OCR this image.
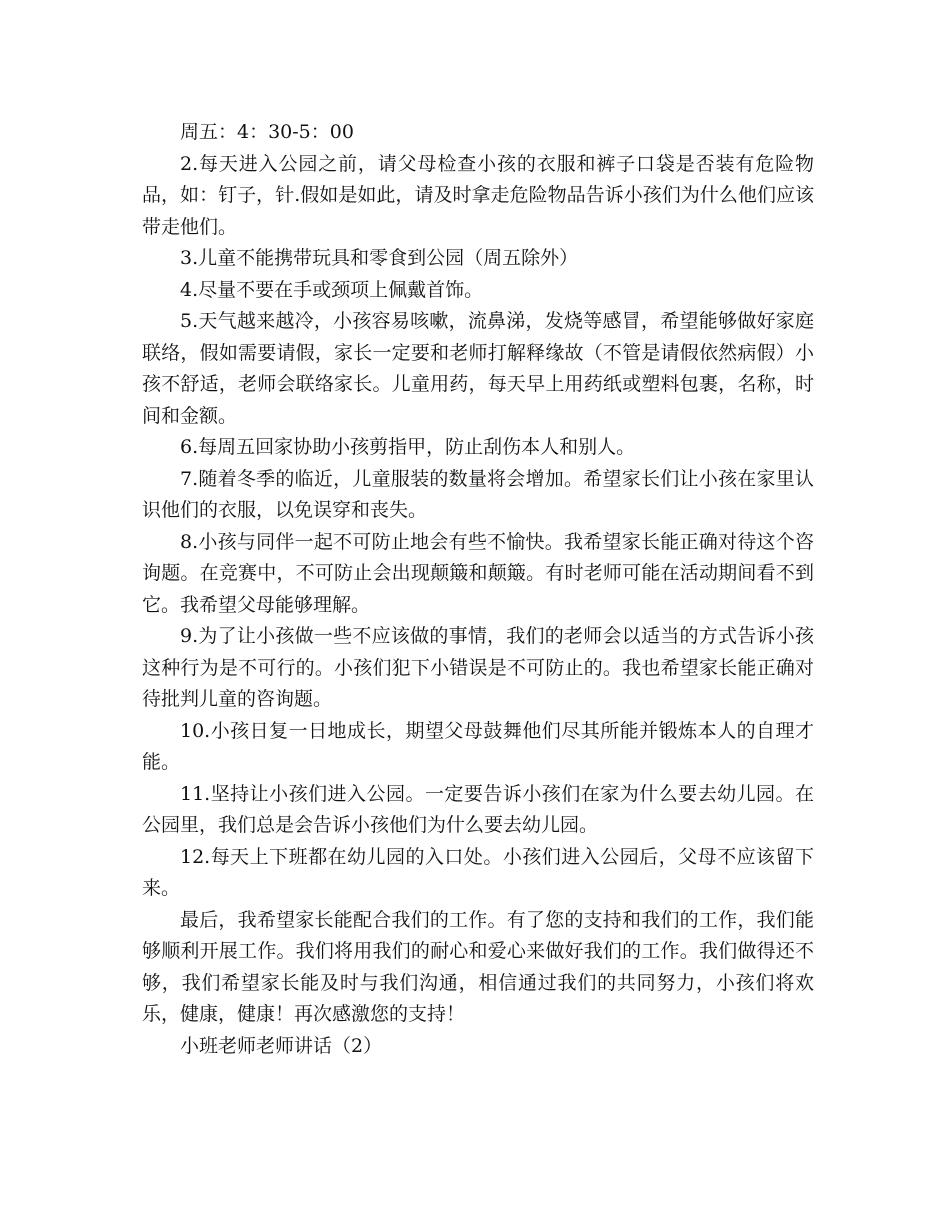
周五：4：30-5：00

2.每天进入公园之前，请父母检查小孩的衣服和裤子口袋是否装有危险物品，如：钉子，针.假如是如此，请及时拿走危险物品告诉小孩们为什么他们应该带走他们。

3.儿童不能携带玩具和零食到公园（周五除外）

4.尽量不要在手或颈项上佩戴首饰。

5.天气越来越冷，小孩容易咳嗽，流鼻涕，发烧等感冒，希望能够做好家庭联络，假如需要请假，家长一定要和老师打解释缘故（不管是请假依然病假）小孩不舒适，老师会联络家长。儿童用药，每天早上用药纸或塑料包裹，名称，时间和金额。

6.每周五回家协助小孩剪指甲，防止刮伤本人和别人。

7.随着冬季的临近，儿童服装的数量将会增加。希望家长们让小孩在家里认识他们的衣服，以免误穿和丧失。

8.小孩与同伴一起不可防止地会有些不愉快。我希望家长能正确对待这个咨询题。在竞赛中，不可防止会出现颠簸和颠簸。有时老师可能在活动期间看不到它。我希望父母能够理解。

9.为了让小孩做一些不应该做的事情，我们的老师会以适当的方式告诉小孩这种行为是不可行的。小孩们犯下小错误是不可防止的。我也希望家长能正确对待批判儿童的咨询题。

10.小孩日复一日地成长，期望父母鼓舞他们尽其所能并锻炼本人的自理才能。

11.坚持让小孩们进入公园。一定要告诉小孩们在家为什么要去幼儿园。在公园里，我们总是会告诉小孩他们为什么要去幼儿园。

12.每天上下班都在幼儿园的入口处。小孩们进入公园后，父母不应该留下来。

最后，我希望家长能配合我们的工作。有了您的支持和我们的工作，我们能够顺利开展工作。我们将用我们的耐心和爱心来做好我们的工作。我们做得还不够，我们希望家长能及时与我们沟通，相信通过我们的共同努力，小孩们将欢乐，健康，健康！再次感激您的支持！

小班老师老师讲话（2）
